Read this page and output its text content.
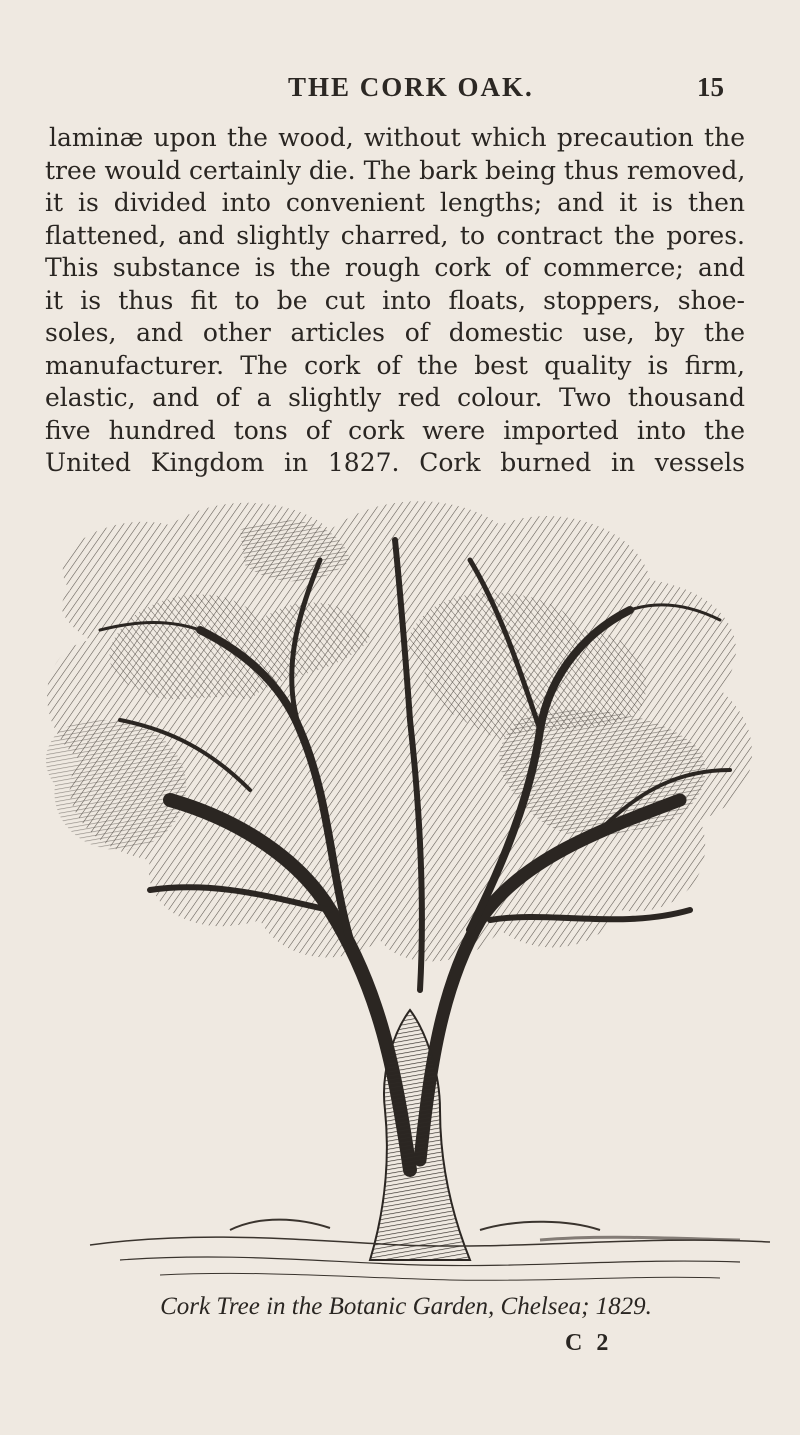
THE CORK OAK.	15
laminæ upon the wood, without which precaution the
tree would certainly die. The bark being thus removed,
it is divided into convenient lengths; and it is then
flattened, and slightly charred, to contract the pores.
This substance is the rough cork of commerce; and
it is thus fit to be cut into floats, stoppers, shoe-
soles, and other articles of domestic use, by the
manufacturer. The cork of the best quality is firm,
elastic, and of a slightly red colour. Two thousand
five hundred tons of cork were imported into the
United Kingdom in 1827. Cork burned in vessels
Cork Tree in the Botanic Garden, Chelsea; 1829.
C 2
